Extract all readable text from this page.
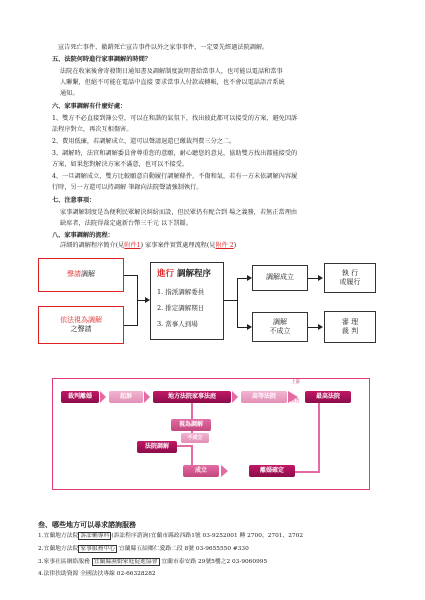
宣告死亡事件、撤銷死亡宣告事件以外之家事事件，一定要先經過法院調解。
五、法院何時進行家事調解的時間？
法院在收案後會寄發期日通知書及調解制度說明書給當事人，也可能以電話和當事
人聯繫，但絕不可能在電話中直接 要求當事人付款或轉帳，也不會以電話語音系統
通知。
六、家事調解有什麼好處：
1、雙方不必直接到簿公堂，可以在和諧的氣氛下，找出彼此都可以接受的方案，避免因訴
訟程序對立，再次互相傷害。
2、費用低廉，若調解成立，還可以聲請退還已繳裁判費三分之二。
3、調解時，法官和調解委員會尊重您的意願，耐心聽您的意見，協助雙方找出都能接受的
方案，如果您對解決方案不滿意，也可以不接受。
4、一旦調解成立，雙方比較願意自動履行調解條件，不傷和氣，若有一方未依調解內容履
行時，另一方還可以持調解 筆錄向法院聲請強制執行。
七、注意事項：
家事調解制度是為便利民眾解決糾紛而設，但民眾仍有配合到 場之義務，若無正當理由
缺席者，法院得裁定處新台幣三千元 以下罰鍰。
八、家事調解的流程：
詳細的調解程序簡介(見附件1) 家事案件實質處理流程(見附件 2)
聲請 調解
依法視為調解
之聲請
進行 調解程序
1. 指派調解委員
2. 排定調解期日
3. 當事人到場
調解成立
調解
不成立
執 行
或履行
審 理
裁 判
裁判離婚	起訴	地方法院家事法庭	高等法院	最高法院
上訴
抗告
視為調解
不成立
法院調解
成立	離婚確定
叁、哪些地方可以尋求諮詢服務
1.宜蘭地方法院 訴訟輔導科 (訴訟程序諮詢)宜蘭市縣政西路1號 03-9252001 轉 2700、2701、2702
2.宜蘭地方法院 家事服務中心 宜蘭縣五結鄉仁愛路二段 8號 03-9655550 #330
3.家事社區網絡服務 宜蘭縣濕婚家庭促進協會 宜蘭市泰安路 29號5樓之2 03-9060995
4.法律扶助資源 全國法扶專線 02-66328282
